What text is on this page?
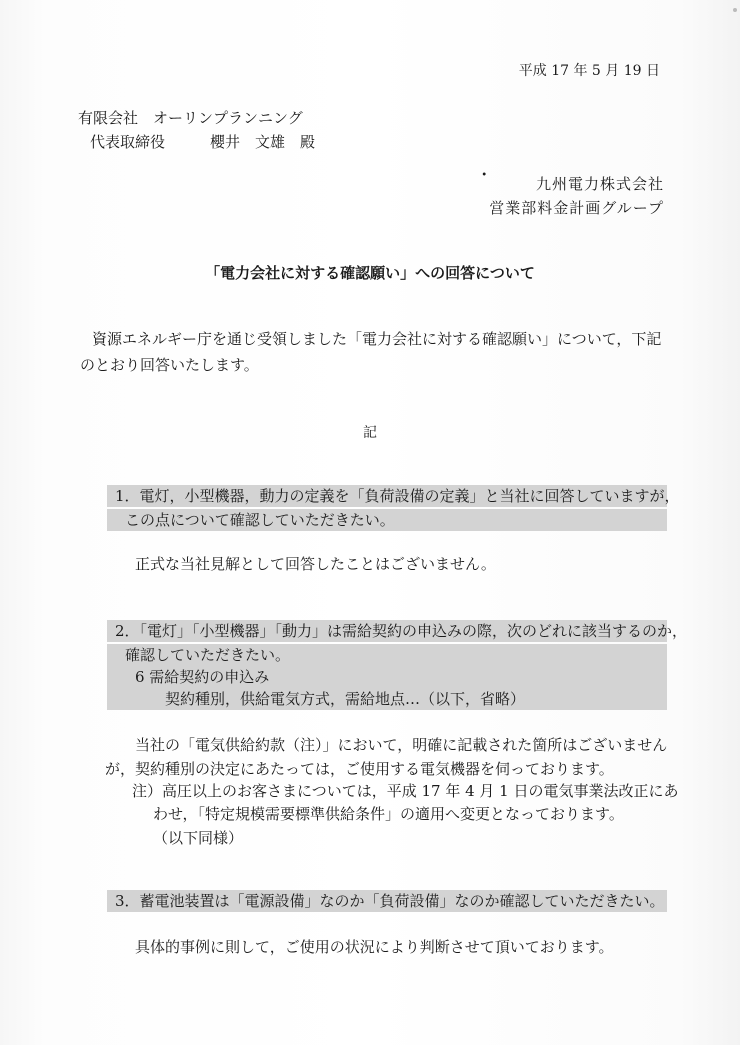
平成 17 年 5 月 19 日
有限会社　オーリンプランニング
代表取締役　　　櫻井　文雄　殿
•	九州電力株式会社
営業部料金計画グループ
「電力会社に対する確認願い」への回答について
資源エネルギー庁を通じ受領しました「電力会社に対する確認願い」について，下記のとおり回答いたします。
記
1．電灯，小型機器，動力の定義を「負荷設備の定義」と当社に回答していますが，
この点について確認していただきたい。
正式な当社見解として回答したことはございません。
2．「電灯」「小型機器」「動力」は需給契約の申込みの際，次のどれに該当するのか，
確認していただきたい。
6 需給契約の申込み
契約種別，供給電気方式，需給地点…（以下，省略）
当社の「電気供給約款（注）」において，明確に記載された箇所はございません
が，契約種別の決定にあたっては，ご使用する電気機器を伺っております。
注）高圧以上のお客さまについては，平成 17 年 4 月 1 日の電気事業法改正にあ
わせ，「特定規模需要標準供給条件」の適用へ変更となっております。
（以下同様）
3．蓄電池装置は「電源設備」なのか「負荷設備」なのか確認していただきたい。
具体的事例に則して，ご使用の状況により判断させて頂いております。
